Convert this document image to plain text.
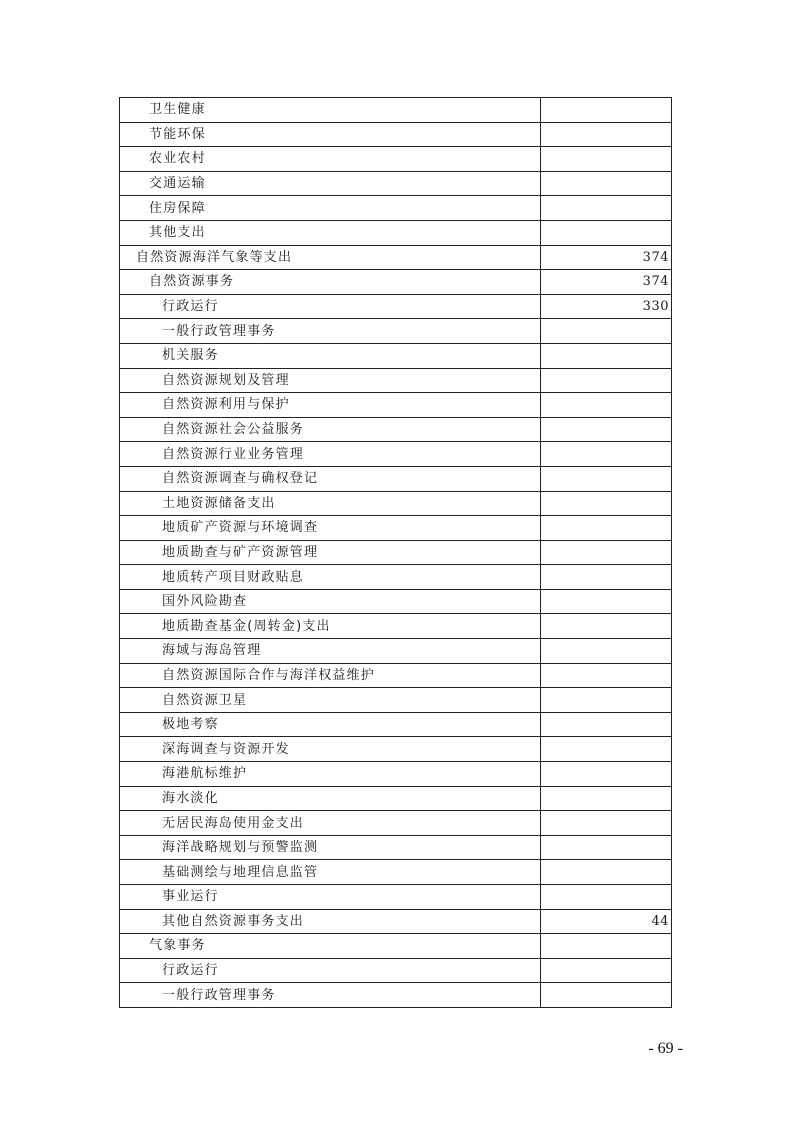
卫生健康	
节能环保	
农业农村	
交通运输	
住房保障	
其他支出	
自然资源海洋气象等支出	374
自然资源事务	374
行政运行	330
一般行政管理事务	
机关服务	
自然资源规划及管理	
自然资源利用与保护	
自然资源社会公益服务	
自然资源行业业务管理	
自然资源调查与确权登记	
土地资源储备支出	
地质矿产资源与环境调查	
地质勘查与矿产资源管理	
地质转产项目财政贴息	
国外风险勘查	
地质勘查基金(周转金)支出	
海域与海岛管理	
自然资源国际合作与海洋权益维护	
自然资源卫星	
极地考察	
深海调查与资源开发	
海港航标维护	
海水淡化	
无居民海岛使用金支出	
海洋战略规划与预警监测	
基础测绘与地理信息监管	
事业运行	
其他自然资源事务支出	44
气象事务	
行政运行	
一般行政管理事务	
- 69 -
